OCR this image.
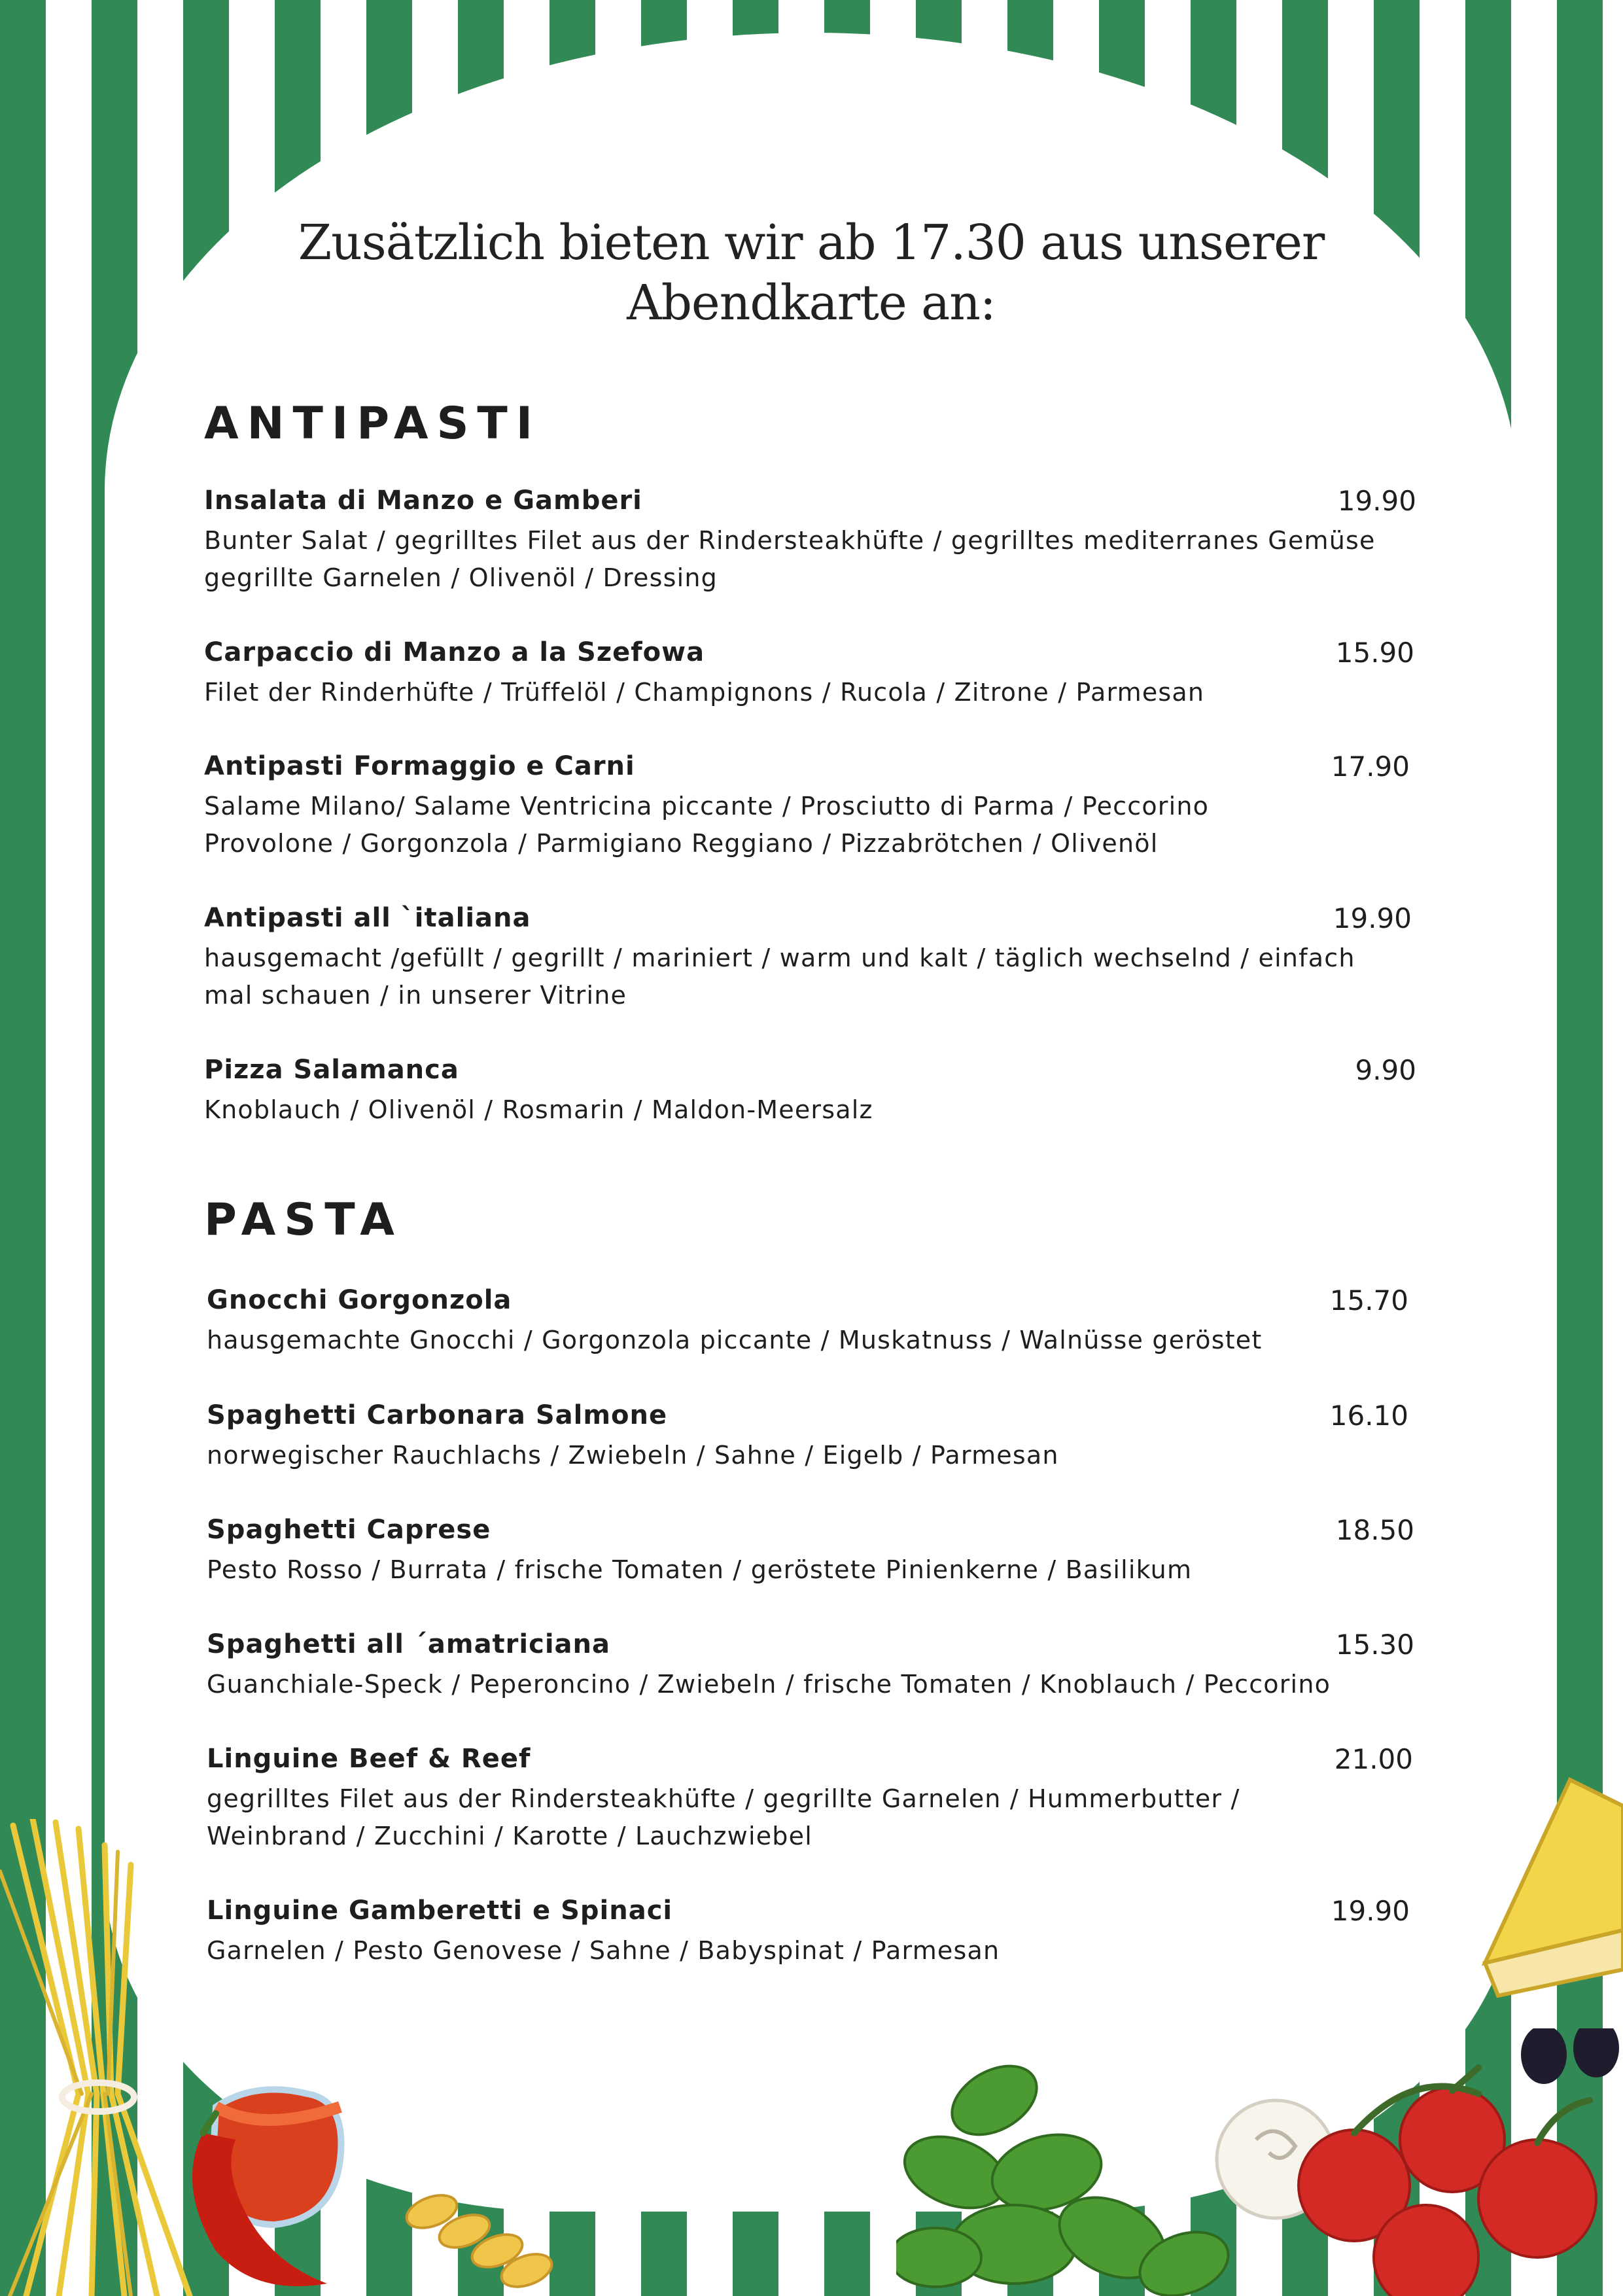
Zusätzlich bieten wir ab 17.30 aus unserer
Abendkarte an:
ANTIPASTI
Insalata di Manzo e Gamberi	19.90
Bunter Salat / gegrilltes Filet aus der Rindersteakhüfte / gegrilltes mediterranes Gemüse
gegrillte Garnelen / Olivenöl / Dressing
Carpaccio di Manzo a la Szefowa	15.90
Filet der Rinderhüfte / Trüffelöl / Champignons / Rucola / Zitrone / Parmesan
Antipasti Formaggio e Carni	17.90
Salame Milano/ Salame Ventricina piccante / Prosciutto di Parma / Peccorino
Provolone / Gorgonzola / Parmigiano Reggiano / Pizzabrötchen / Olivenöl
Antipasti all `italiana	19.90
hausgemacht /gefüllt / gegrillt / mariniert / warm und kalt / täglich wechselnd / einfach
mal schauen / in unserer Vitrine
Pizza Salamanca	9.90
Knoblauch / Olivenöl / Rosmarin / Maldon-Meersalz
PASTA
Gnocchi Gorgonzola	15.70
hausgemachte Gnocchi / Gorgonzola piccante / Muskatnuss / Walnüsse geröstet
Spaghetti Carbonara Salmone	16.10
norwegischer Rauchlachs / Zwiebeln / Sahne / Eigelb / Parmesan
Spaghetti Caprese	18.50
Pesto Rosso / Burrata / frische Tomaten / geröstete Pinienkerne / Basilikum
Spaghetti all ´amatriciana	15.30
Guanchiale-Speck / Peperoncino / Zwiebeln / frische Tomaten / Knoblauch / Peccorino
Linguine Beef & Reef	21.00
gegrilltes Filet aus der Rindersteakhüfte / gegrillte Garnelen / Hummerbutter /
Weinbrand / Zucchini / Karotte / Lauchzwiebel
Linguine Gamberetti e Spinaci	19.90
Garnelen / Pesto Genovese / Sahne / Babyspinat / Parmesan
